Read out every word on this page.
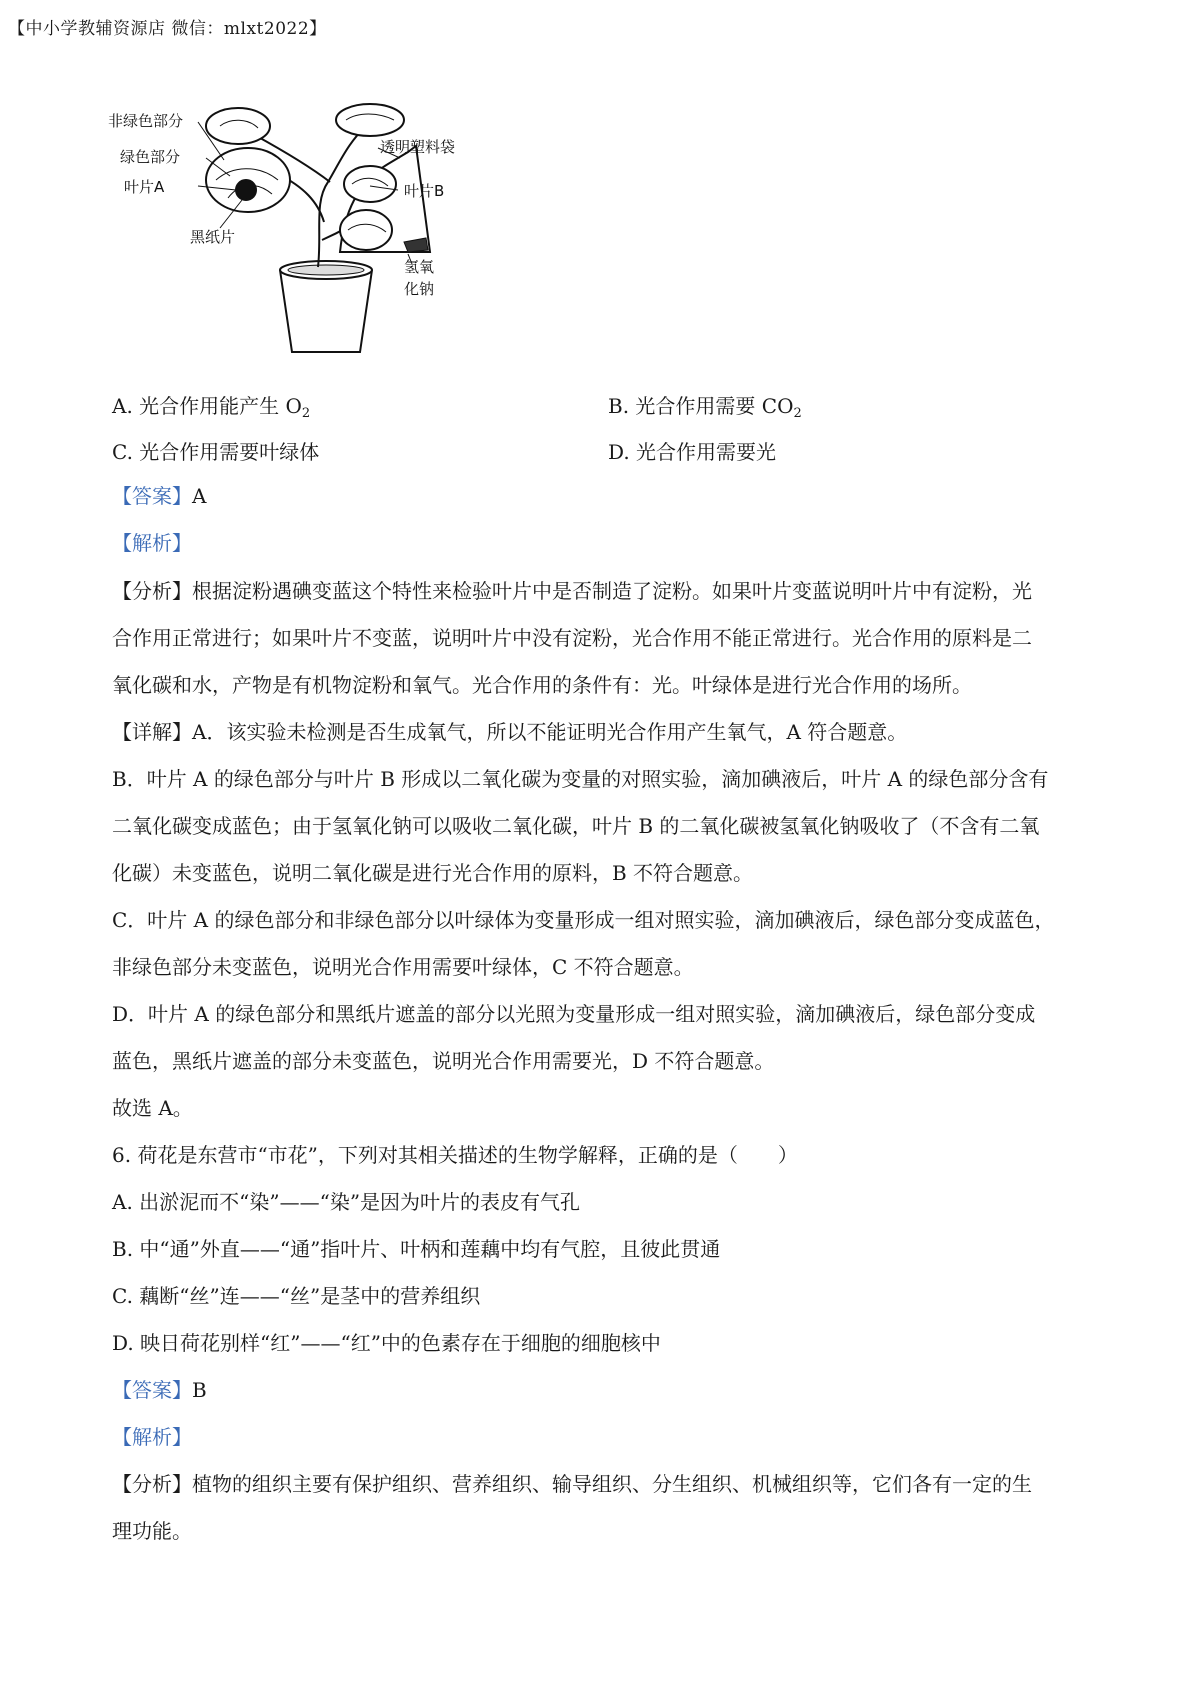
【中小学教辅资源店 微信：mlxt2022】
非绿色部分
绿色部分
叶片A
黑纸片
透明塑料袋
叶片B
氢氧
化钠
A. 光合作用能产生 $O_2$	B. 光合作用需要 $CO_2$
C. 光合作用需要叶绿体	D. 光合作用需要光
【答案】A
【解析】
【分析】根据淀粉遇碘变蓝这个特性来检验叶片中是否制造了淀粉。如果叶片变蓝说明叶片中有淀粉，光
合作用正常进行；如果叶片不变蓝，说明叶片中没有淀粉，光合作用不能正常进行。光合作用的原料是二
氧化碳和水，产物是有机物淀粉和氧气。光合作用的条件有：光。叶绿体是进行光合作用的场所。
【详解】A．该实验未检测是否生成氧气，所以不能证明光合作用产生氧气，A 符合题意。
B．叶片 A 的绿色部分与叶片 B 形成以二氧化碳为变量的对照实验，滴加碘液后，叶片 A 的绿色部分含有
二氧化碳变成蓝色；由于氢氧化钠可以吸收二氧化碳，叶片 B 的二氧化碳被氢氧化钠吸收了（不含有二氧
化碳）未变蓝色，说明二氧化碳是进行光合作用的原料，B 不符合题意。
C．叶片 A 的绿色部分和非绿色部分以叶绿体为变量形成一组对照实验，滴加碘液后，绿色部分变成蓝色，
非绿色部分未变蓝色，说明光合作用需要叶绿体，C 不符合题意。
D．叶片 A 的绿色部分和黑纸片遮盖的部分以光照为变量形成一组对照实验，滴加碘液后，绿色部分变成
蓝色，黑纸片遮盖的部分未变蓝色，说明光合作用需要光，D 不符合题意。
故选 A。
6. 荷花是东营市“市花”，下列对其相关描述的生物学解释，正确的是（　　）
A. 出淤泥而不“染”——“染”是因为叶片的表皮有气孔
B. 中“通”外直——“通”指叶片、叶柄和莲藕中均有气腔，且彼此贯通
C. 藕断“丝”连——“丝”是茎中的营养组织
D. 映日荷花别样“红”——“红”中的色素存在于细胞的细胞核中
【答案】B
【解析】
【分析】植物的组织主要有保护组织、营养组织、输导组织、分生组织、机械组织等，它们各有一定的生
理功能。
